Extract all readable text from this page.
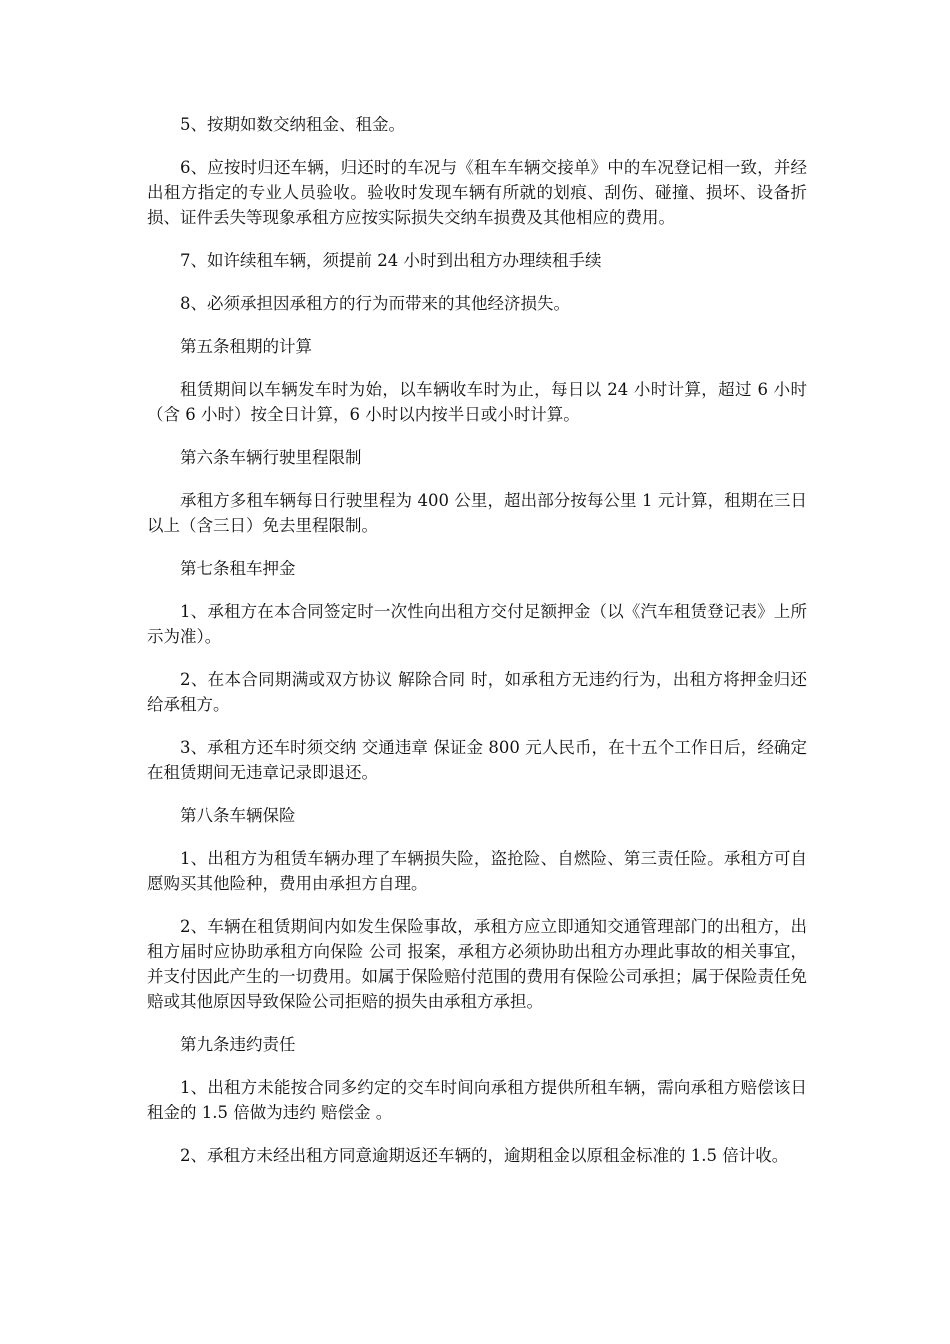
5、按期如数交纳租金、租金。

6、应按时归还车辆，归还时的车况与《租车车辆交接单》中的车况登记相一致，并经出租方指定的专业人员验收。验收时发现车辆有所就的划痕、刮伤、碰撞、损坏、设备折损、证件丢失等现象承租方应按实际损失交纳车损费及其他相应的费用。

7、如许续租车辆，须提前 24 小时到出租方办理续租手续

8、必须承担因承租方的行为而带来的其他经济损失。

第五条租期的计算

租赁期间以车辆发车时为始，以车辆收车时为止，每日以 24 小时计算，超过 6 小时（含 6 小时）按全日计算，6 小时以内按半日或小时计算。

第六条车辆行驶里程限制

承租方多租车辆每日行驶里程为 400 公里，超出部分按每公里 1 元计算，租期在三日以上（含三日）免去里程限制。

第七条租车押金

1、承租方在本合同签定时一次性向出租方交付足额押金（以《汽车租赁登记表》上所示为准）。

2、在本合同期满或双方协议 解除合同 时，如承租方无违约行为，出租方将押金归还给承租方。

3、承租方还车时须交纳 交通违章 保证金 800 元人民币，在十五个工作日后，经确定在租赁期间无违章记录即退还。

第八条车辆保险

1、出租方为租赁车辆办理了车辆损失险，盗抢险、自燃险、第三责任险。承租方可自愿购买其他险种，费用由承担方自理。

2、车辆在租赁期间内如发生保险事故，承租方应立即通知交通管理部门的出租方，出租方届时应协助承租方向保险 公司 报案，承租方必须协助出租方办理此事故的相关事宜，并支付因此产生的一切费用。如属于保险赔付范围的费用有保险公司承担；属于保险责任免赔或其他原因导致保险公司拒赔的损失由承租方承担。

第九条违约责任

1、出租方未能按合同多约定的交车时间向承租方提供所租车辆，需向承租方赔偿该日租金的 1.5 倍做为违约 赔偿金 。

2、承租方未经出租方同意逾期返还车辆的，逾期租金以原租金标准的 1.5 倍计收。
